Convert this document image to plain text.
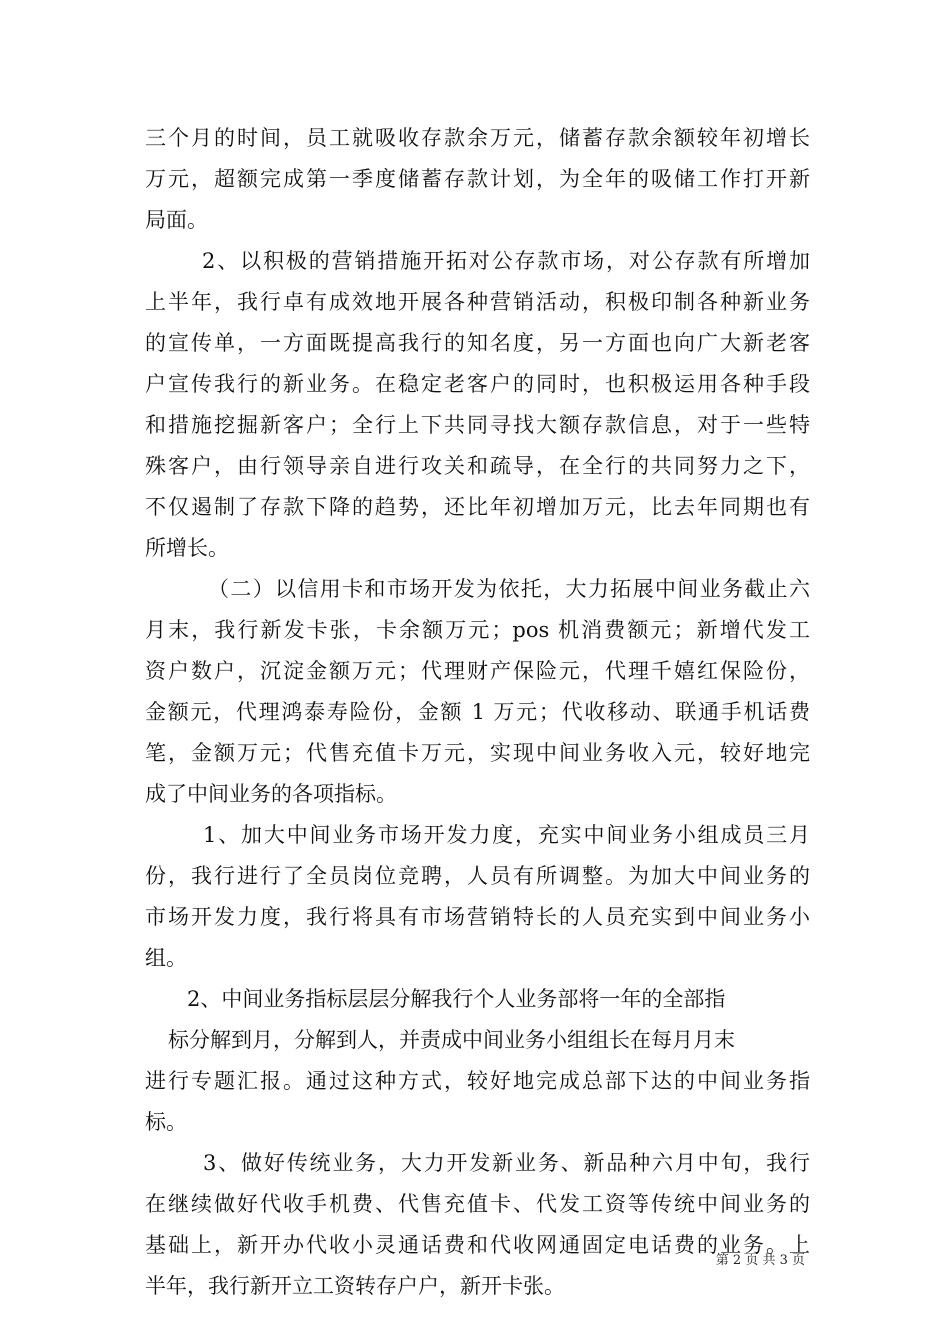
三个月的时间，员工就吸收存款余万元，储蓄存款余额较年初增长
万元，超额完成第一季度储蓄存款计划，为全年的吸储工作打开新
局面。
2、以积极的营销措施开拓对公存款市场，对公存款有所增加
上半年，我行卓有成效地开展各种营销活动，积极印制各种新业务
的宣传单，一方面既提高我行的知名度，另一方面也向广大新老客
户宣传我行的新业务。在稳定老客户的同时，也积极运用各种手段
和措施挖掘新客户；全行上下共同寻找大额存款信息，对于一些特
殊客户，由行领导亲自进行攻关和疏导，在全行的共同努力之下，
不仅遏制了存款下降的趋势，还比年初增加万元，比去年同期也有
所增长。
（二）以信用卡和市场开发为依托，大力拓展中间业务截止六
月末，我行新发卡张，卡余额万元；pos 机消费额元；新增代发工
资户数户，沉淀金额万元；代理财产保险元，代理千嬉红保险份，
金额元，代理鸿泰寿险份，金额 1 万元；代收移动、联通手机话费
笔，金额万元；代售充值卡万元，实现中间业务收入元，较好地完
成了中间业务的各项指标。
1、加大中间业务市场开发力度，充实中间业务小组成员三月
份，我行进行了全员岗位竞聘，人员有所调整。为加大中间业务的
市场开发力度，我行将具有市场营销特长的人员充实到中间业务小
组。
2、中间业务指标层层分解我行个人业务部将一年的全部指
标分解到月，分解到人，并责成中间业务小组组长在每月月末
进行专题汇报。通过这种方式，较好地完成总部下达的中间业务指
标。
3、做好传统业务，大力开发新业务、新品种六月中旬，我行
在继续做好代收手机费、代售充值卡、代发工资等传统中间业务的
基础上，新开办代收小灵通话费和代收网通固定电话费的业务。上
半年，我行新开立工资转存户户，新开卡张。
第 2 页 共 3 页
